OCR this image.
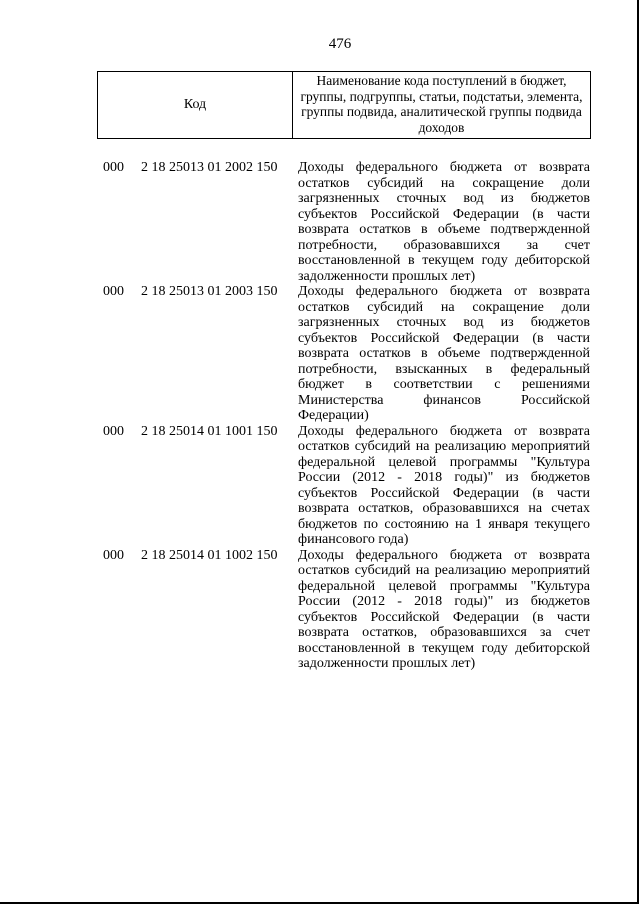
476
Код
Наименование кода поступлений в бюджет, группы, подгруппы, статьи, подстатьи, элемента, группы подвида, аналитической группы подвида доходов
000	2 18 25013 01 2002 150	Доходы федерального бюджета от возврата остатков субсидий на сокращение доли загрязненных сточных вод из бюджетов субъектов Российской Федерации (в части возврата остатков в объеме подтвержденной потребности, образовавшихся за счет восстановленной в текущем году дебиторской задолженности прошлых лет)
000	2 18 25013 01 2003 150	Доходы федерального бюджета от возврата остатков субсидий на сокращение доли загрязненных сточных вод из бюджетов субъектов Российской Федерации (в части возврата остатков в объеме подтвержденной потребности, взысканных в федеральный бюджет в соответствии с решениями Министерства финансов Российской Федерации)
000	2 18 25014 01 1001 150	Доходы федерального бюджета от возврата остатков субсидий на реализацию мероприятий федеральной целевой программы "Культура России (2012 - 2018 годы)" из бюджетов субъектов Российской Федерации (в части возврата остатков, образовавшихся на счетах бюджетов по состоянию на 1 января текущего финансового года)
000	2 18 25014 01 1002 150	Доходы федерального бюджета от возврата остатков субсидий на реализацию мероприятий федеральной целевой программы "Культура России (2012 - 2018 годы)" из бюджетов субъектов Российской Федерации (в части возврата остатков, образовавшихся за счет восстановленной в текущем году дебиторской задолженности прошлых лет)
